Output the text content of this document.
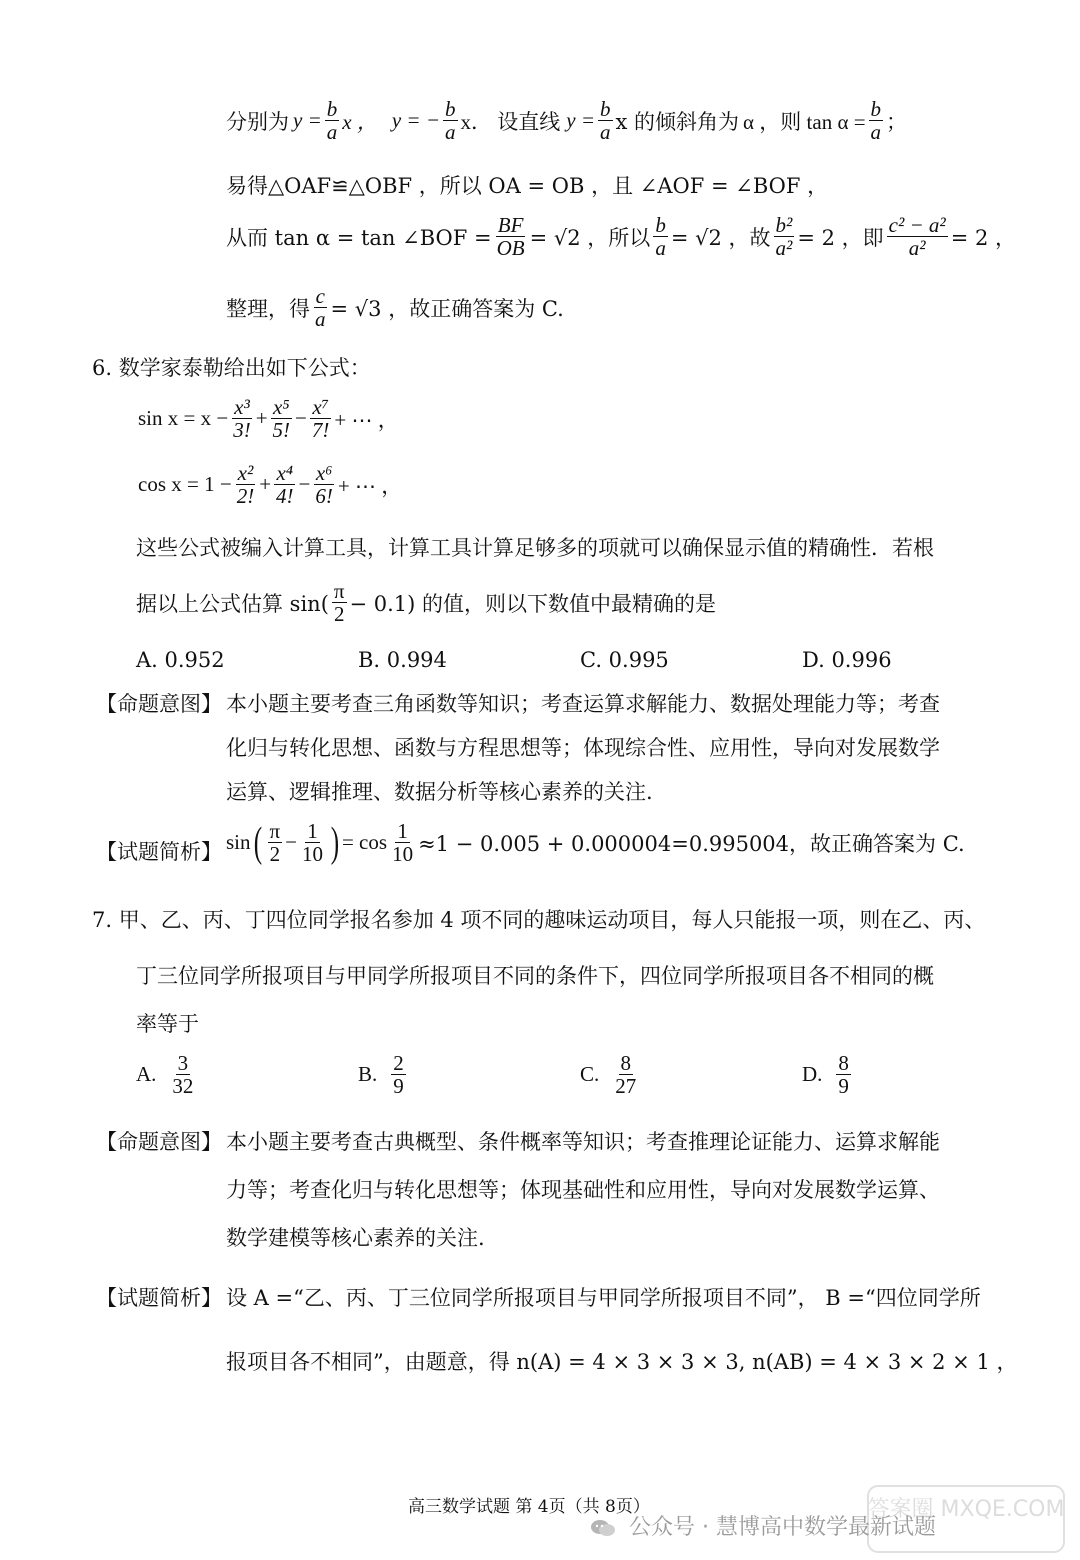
分别为 $y = \frac{b}{a}$ x ， y = − $\frac{b}{a}$ x． 设直线 $y = \frac{b}{a}$ x 的倾斜角为 α ，则 $\tan \alpha = \frac{b}{a}$ ；
易得△OAF≌△OBF ，所以 OA = OB ，且 ∠AOF = ∠BOF ，
从而 tan α = tan ∠BOF = $\frac{BF}{OB} = √2$ ，所以 $\frac{b}{a} = √2$ ，故 $\frac{\text{b²}}{\text{a²}} = 2$ ，即 $\frac{\text{c² − a²}}{\text{a²}} = 2$ ，
整理，得 $\frac{c}{a} = √3$ ，故正确答案为 C.
6. 数学家泰勒给出如下公式：
$\sin x = x - \frac{\text{x³}}{3!} + \frac{\text{x⁵}}{5!} - \frac{\text{x⁷}}{7!}$ + ⋯ ，
$\cos x = 1 - \frac{\text{x²}}{2!} + \frac{\text{x⁴}}{4!} - \frac{\text{x⁶}}{6!}$ + ⋯ ，
这些公式被编入计算工具，计算工具计算足够多的项就可以确保显示值的精确性．若根
据以上公式估算 $\sin( \frac{\pi}{2} - 0.1)$ 的值，则以下数值中最精确的是
A. 0.952	B. 0.994	C. 0.995	D. 0.996
【命题意图】 本小题主要考查三角函数等知识；考查运算求解能力、数据处理能力等；考查
化归与转化思想、函数与方程思想等；体现综合性、应用性，导向对发展数学
运算、逻辑推理、数据分析等核心素养的关注.
【试题简析】 sin ( $\frac{\pi}{2} - \frac{1}{10}$ ) = $\cos \frac{1}{10} \approx 1 - 0.005 + 0.000004=0.995004$，故正确答案为 C.
7. 甲、乙、丙、丁四位同学报名参加 4 项不同的趣味运动项目，每人只能报一项，则在乙、丙、
丁三位同学所报项目与甲同学所报项目不同的条件下，四位同学所报项目各不相同的概
率等于
A. $\frac{3}{32}$	B. $\frac{2}{9}$	C. $\frac{8}{27}$	D. $\frac{8}{9}$
【命题意图】 本小题主要考查古典概型、条件概率等知识；考查推理论证能力、运算求解能
力等；考查化归与转化思想等；体现基础性和应用性，导向对发展数学运算、
数学建模等核心素养的关注.
【试题简析】 设 A =“乙、丙、丁三位同学所报项目与甲同学所报项目不同”， B =“四位同学所
报项目各不相同”，由题意，得 n(A) = 4 × 3 × 3 × 3, n(AB) = 4 × 3 × 2 × 1 ，
高三数学试题 第 4页（共 8页）
公众号 · 慧博高中数学最新试题
答案圈 MXQE.COM
